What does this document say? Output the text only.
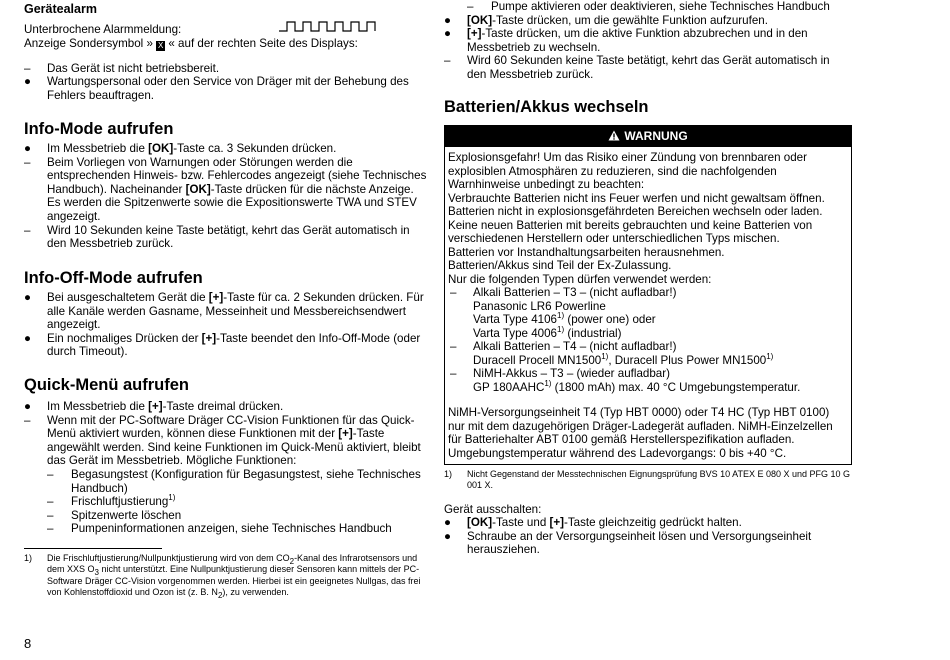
Gerätealarm
Unterbrochene Alarmmeldung:
Anzeige Sondersymbol » X « auf der rechten Seite des Displays:
– Das Gerät ist nicht betriebsbereit.
● Wartungspersonal oder den Service von Dräger mit der Behebung des Fehlers beauftragen.
Info-Mode aufrufen
● Im Messbetrieb die [OK]-Taste ca. 3 Sekunden drücken.
– Beim Vorliegen von Warnungen oder Störungen werden die entsprechenden Hinweis- bzw. Fehlercodes angezeigt (siehe Technisches Handbuch). Nacheinander [OK]-Taste drücken für die nächste Anzeige. Es werden die Spitzenwerte sowie die Expositionswerte TWA und STEV angezeigt.
– Wird 10 Sekunden keine Taste betätigt, kehrt das Gerät automatisch in den Messbetrieb zurück.
Info-Off-Mode aufrufen
● Bei ausgeschaltetem Gerät die [+]-Taste für ca. 2 Sekunden drücken. Für alle Kanäle werden Gasname, Messeinheit und Messbereichsendwert angezeigt.
● Ein nochmaliges Drücken der [+]-Taste beendet den Info-Off-Mode (oder durch Timeout).
Quick-Menü aufrufen
● Im Messbetrieb die [+]-Taste dreimal drücken.
– Wenn mit der PC-Software Dräger CC-Vision Funktionen für das Quick-Menü aktiviert wurden, können diese Funktionen mit der [+]-Taste angewählt werden. Sind keine Funktionen im Quick-Menü aktiviert, bleibt das Gerät im Messbetrieb. Mögliche Funktionen:
– Begasungstest (Konfiguration für Begasungstest, siehe Technisches Handbuch)
– Frischluftjustierung$^{1)}$
– Spitzenwerte löschen
– Pumpeninformationen anzeigen, siehe Technisches Handbuch
1) Die Frischluftjustierung/Nullpunktjustierung wird von dem $CO_2$-Kanal des Infrarotsensors und dem XXS $O_3$ nicht unterstützt. Eine Nullpunktjustierung dieser Sensoren kann mittels der PC-Software Dräger CC-Vision vorgenommen werden. Hierbei ist ein geeignetes Nullgas, das frei von Kohlenstoffdioxid und Ozon ist (z. B. $N_2$), zu verwenden.
8
– Pumpe aktivieren oder deaktivieren, siehe Technisches Handbuch
● [OK]-Taste drücken, um die gewählte Funktion aufzurufen.
● [+]-Taste drücken, um die aktive Funktion abzubrechen und in den Messbetrieb zu wechseln.
– Wird 60 Sekunden keine Taste betätigt, kehrt das Gerät automatisch in den Messbetrieb zurück.
Batterien/Akkus wechseln
WARNUNG
Explosionsgefahr! Um das Risiko einer Zündung von brennbaren oder explosiblen Atmosphären zu reduzieren, sind die nachfolgenden Warnhinweise unbedingt zu beachten:
Verbrauchte Batterien nicht ins Feuer werfen und nicht gewaltsam öffnen.
Batterien nicht in explosionsgefährdeten Bereichen wechseln oder laden.
Keine neuen Batterien mit bereits gebrauchten und keine Batterien von verschiedenen Herstellern oder unterschiedlichen Typs mischen.
Batterien vor Instandhaltungsarbeiten herausnehmen.
Batterien/Akkus sind Teil der Ex-Zulassung.
Nur die folgenden Typen dürfen verwendet werden:
– Alkali Batterien – T3 – (nicht aufladbar!)
Panasonic LR6 Powerline
Varta Type 4106$^{1)}$ (power one) oder
Varta Type 4006$^{1)}$ (industrial)
– Alkali Batterien – T4 – (nicht aufladbar!)
Duracell Procell MN1500$^{1)}$, Duracell Plus Power MN1500$^{1)}$
– NiMH-Akkus – T3 – (wieder aufladbar)
GP 180AAHC$^{1)}$ (1800 mAh) max. 40 °C Umgebungstemperatur.
NiMH-Versorgungseinheit T4 (Typ HBT 0000) oder T4 HC (Typ HBT 0100) nur mit dem dazugehörigen Dräger-Ladegerät aufladen. NiMH-Einzelzellen für Batteriehalter ABT 0100 gemäß Herstellerspezifikation aufladen. Umgebungstemperatur während des Ladevorgangs: 0 bis +40 °C.
1) Nicht Gegenstand der Messtechnischen Eignungsprüfung BVS 10 ATEX E 080 X und PFG 10 G 001 X.
Gerät ausschalten:
● [OK]-Taste und [+]-Taste gleichzeitig gedrückt halten.
● Schraube an der Versorgungseinheit lösen und Versorgungseinheit herausziehen.
